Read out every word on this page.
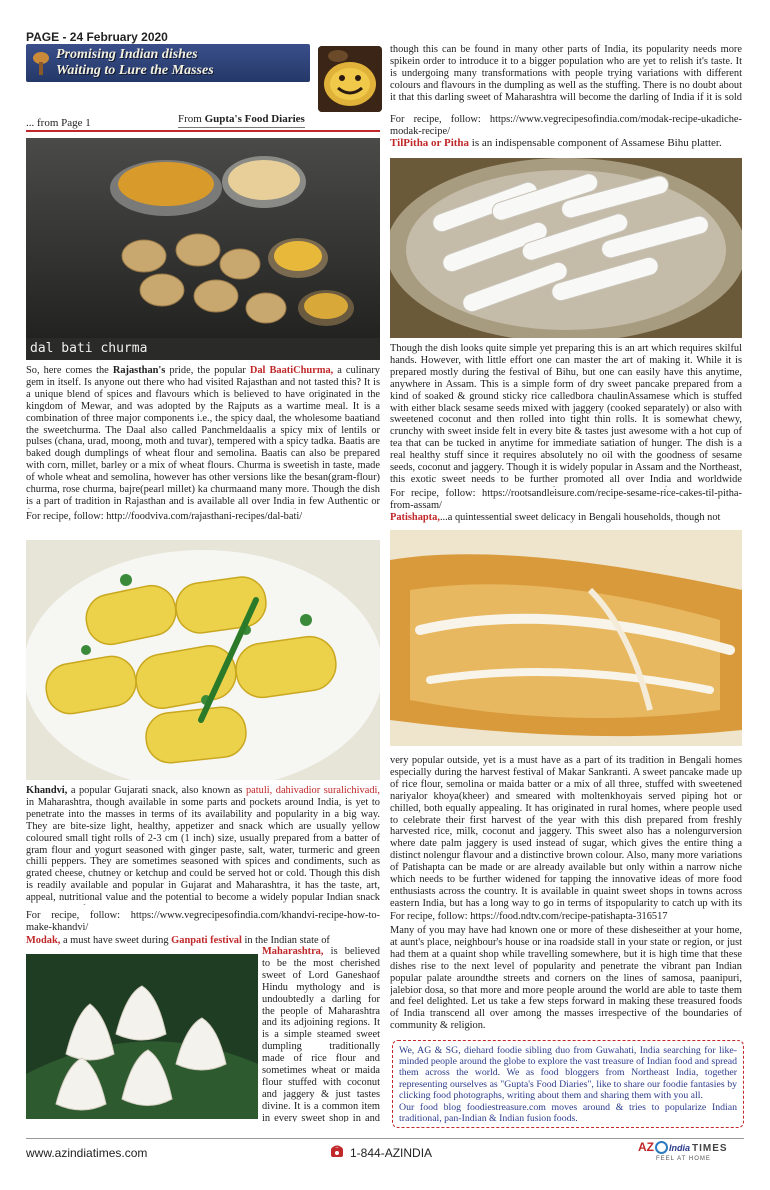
PAGE - 24 February 2020
Promising Indian dishes
Waiting to Lure the Masses
... from Page 1	From Gupta's Food Diaries
dal bati churma
So, here comes the Rajasthan's pride, the popular Dal BaatiChurma, a culinary gem in itself. Is anyone out there who had visited Rajasthan and not tasted this? It is a unique blend of spices and flavours which is believed to have originated in the kingdom of Mewar, and was adopted by the Rajputs as a wartime meal. It is a combination of three major components i.e., the spicy daal, the wholesome baatiand the sweetchurma. The Daal also called Panchmeldaalis a spicy mix of lentils or pulses (chana, urad, moong, moth and tuvar), tempered with a spicy tadka. Baatis are baked dough dumplings of wheat flour and semolina. Baatis can also be prepared with corn, millet, barley or a mix of wheat flours. Churma is sweetish in taste, made of whole wheat and semolina, however has other versions like the besan(gram-flour) churma, rose churma, bajre(pearl millet) ka churmaand many more. Though the dish is a part of tradition in Rajasthan and is available all over India in few Authentic or
For recipe, follow: http://foodviva.com/rajasthani-recipes/dal-bati/
Khandvi, a popular Gujarati snack, also known as patuli, dahivadior suralichivadi, in Maharashtra, though available in some parts and pockets around India, is yet to penetrate into the masses in terms of its availability and popularity in a big way. They are bite-size light, healthy, appetizer and snack which are usually yellow coloured small tight rolls of 2-3 cm (1 inch) size, usually prepared from a batter of gram flour and yogurt seasoned with ginger paste, salt, water, turmeric and green chilli peppers. They are sometimes seasoned with spices and condiments, such as grated cheese, chutney or ketchup and could be served hot or cold. Though this dish is readily available and popular in Gujarat and Maharashtra, it has the taste, art, appeal, nutritional value and the potential to become a widely popular Indian snack
For recipe, follow: https://www.vegrecipesofindia.com/khandvi-recipe-how-to-make-khandvi/
Modak, a must have sweet during Ganpati festival in the Indian state of
Maharashtra, is believed to be the most cherished sweet of Lord Ganeshaof Hindu mythology and is undoubtedly a darling for the people of Maharashtra and its adjoining regions. It is a simple steamed sweet dumpling traditionally made of rice flour and sometimes wheat or maida flour stuffed with coconut and jaggery & just tastes divine. It is a common item in every sweet shop in and
though this can be found in many other parts of India, its popularity needs more spikein order to introduce it to a bigger population who are yet to relish it's taste. It is undergoing many transformations with people trying variations with different colours and flavours in the dumpling as well as the stuffing. There is no doubt about it that this darling sweet of Maharashtra will become the darling of India if it is sold
For recipe, follow: https://www.vegrecipesofindia.com/modak-recipe-ukadiche-modak-recipe/
TilPitha or Pitha is an indispensable component of Assamese Bihu platter.
Though the dish looks quite simple yet preparing this is an art which requires skilful hands. However, with little effort one can master the art of making it. While it is prepared mostly during the festival of Bihu, but one can easily have this anytime, anywhere in Assam. This is a simple form of dry sweet pancake prepared from a kind of soaked & ground sticky rice calledbora chaulinAssamese which is stuffed with either black sesame seeds mixed with jaggery (cooked separately) or also with sweetened coconut and then rolled into tight thin rolls. It is somewhat chewy, crunchy with sweet inside felt in every bite & tastes just awesome with a hot cup of tea that can be tucked in anytime for immediate satiation of hunger. The dish is a real healthy stuff since it requires absolutely no oil with the goodness of sesame seeds, coconut and jaggery. Though it is widely popular in Assam and the Northeast, this exotic sweet needs to be further promoted all over India and worldwide
For recipe, follow: https://rootsandleisure.com/recipe-sesame-rice-cakes-til-pitha-from-assam/
Patishapta,...a quintessential sweet delicacy in Bengali households, though not
very popular outside, yet is a must have as a part of its tradition in Bengali homes especially during the harvest festival of Makar Sankranti. A sweet pancake made up of rice flour, semolina or maida batter or a mix of all three, stuffed with sweetened nariyalor khoya(kheer) and smeared with moltenkhoyais served piping hot or chilled, both equally appealing. It has originated in rural homes, where people used to celebrate their first harvest of the year with this dish prepared from freshly harvested rice, milk, coconut and jaggery. This sweet also has a nolengurversion where date palm jaggery is used instead of sugar, which gives the entire thing a distinct nolengur flavour and a distinctive brown colour. Also, many more variations of Patishapta can be made or are already available but only within a narrow niche which needs to be further widened for tapping the innovative ideas of more food enthusiasts across the country. It is available in quaint sweet shops in towns across eastern India, but has a long way to go in terms of itspopularity to catch up with its
For recipe, follow: https://food.ndtv.com/recipe-patishapta-316517
Many of you may have had known one or more of these disheseither at your home, at aunt's place, neighbour's house or ina roadside stall in your state or region, or just had them at a quaint shop while travelling somewhere, but it is high time that these dishes rise to the next level of popularity and penetrate the vibrant pan Indian popular palate aroundthe streets and corners on the lines of samosa, paanipuri, jalebior dosa, so that more and more people around the world are able to taste them and feel delighted. Let us take a few steps forward in making these treasured foods of India transcend all over among the masses irrespective of the boundaries of community & religion.
We, AG & SG, diehard foodie sibling duo from Guwahati, India searching for like-minded people around the globe to explore the vast treasure of Indian food and spread them across the world. We as food bloggers from Northeast India, together representing ourselves as "Gupta's Food Diaries", like to share our foodie fantasies by clicking food photographs, writing about them and sharing them with you all.
Our food blog foodiestreasure.com moves around & tries to popularize Indian traditional, pan-Indian & Indian fusion foods.
www.azindiatimes.com	1-844-AZINDIA	AZ India TIMES
FEEL AT HOME
